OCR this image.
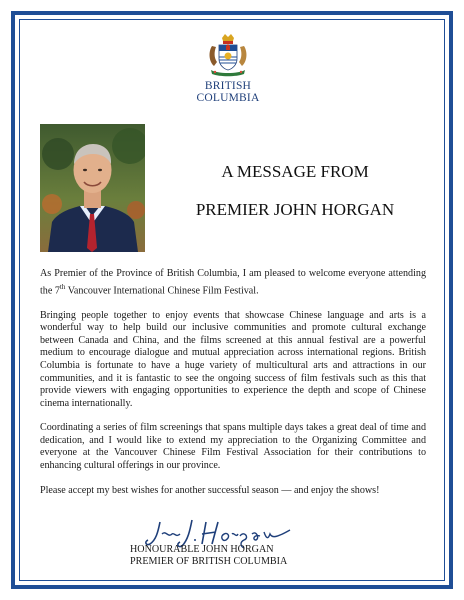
BRITISH
COLUMBIA
A MESSAGE FROM
PREMIER JOHN HORGAN

As Premier of the Province of British Columbia, I am pleased to welcome everyone attending the 7th Vancouver International Chinese Film Festival.

Bringing people together to enjoy events that showcase Chinese language and arts is a wonderful way to help build our inclusive communities and promote cultural exchange between Canada and China, and the films screened at this annual festival are a powerful medium to encourage dialogue and mutual appreciation across international regions. British Columbia is fortunate to have a huge variety of multicultural arts and attractions in our communities, and it is fantastic to see the ongoing success of film festivals such as this that provide viewers with engaging opportunities to experience the depth and scope of Chinese cinema internationally.

Coordinating a series of film screenings that spans multiple days takes a great deal of time and dedication, and I would like to extend my appreciation to the Organizing Committee and everyone at the Vancouver Chinese Film Festival Association for their contributions to enhancing cultural offerings in our province.

Please accept my best wishes for another successful season — and enjoy the shows!

HONOURABLE JOHN HORGAN
PREMIER OF BRITISH COLUMBIA
